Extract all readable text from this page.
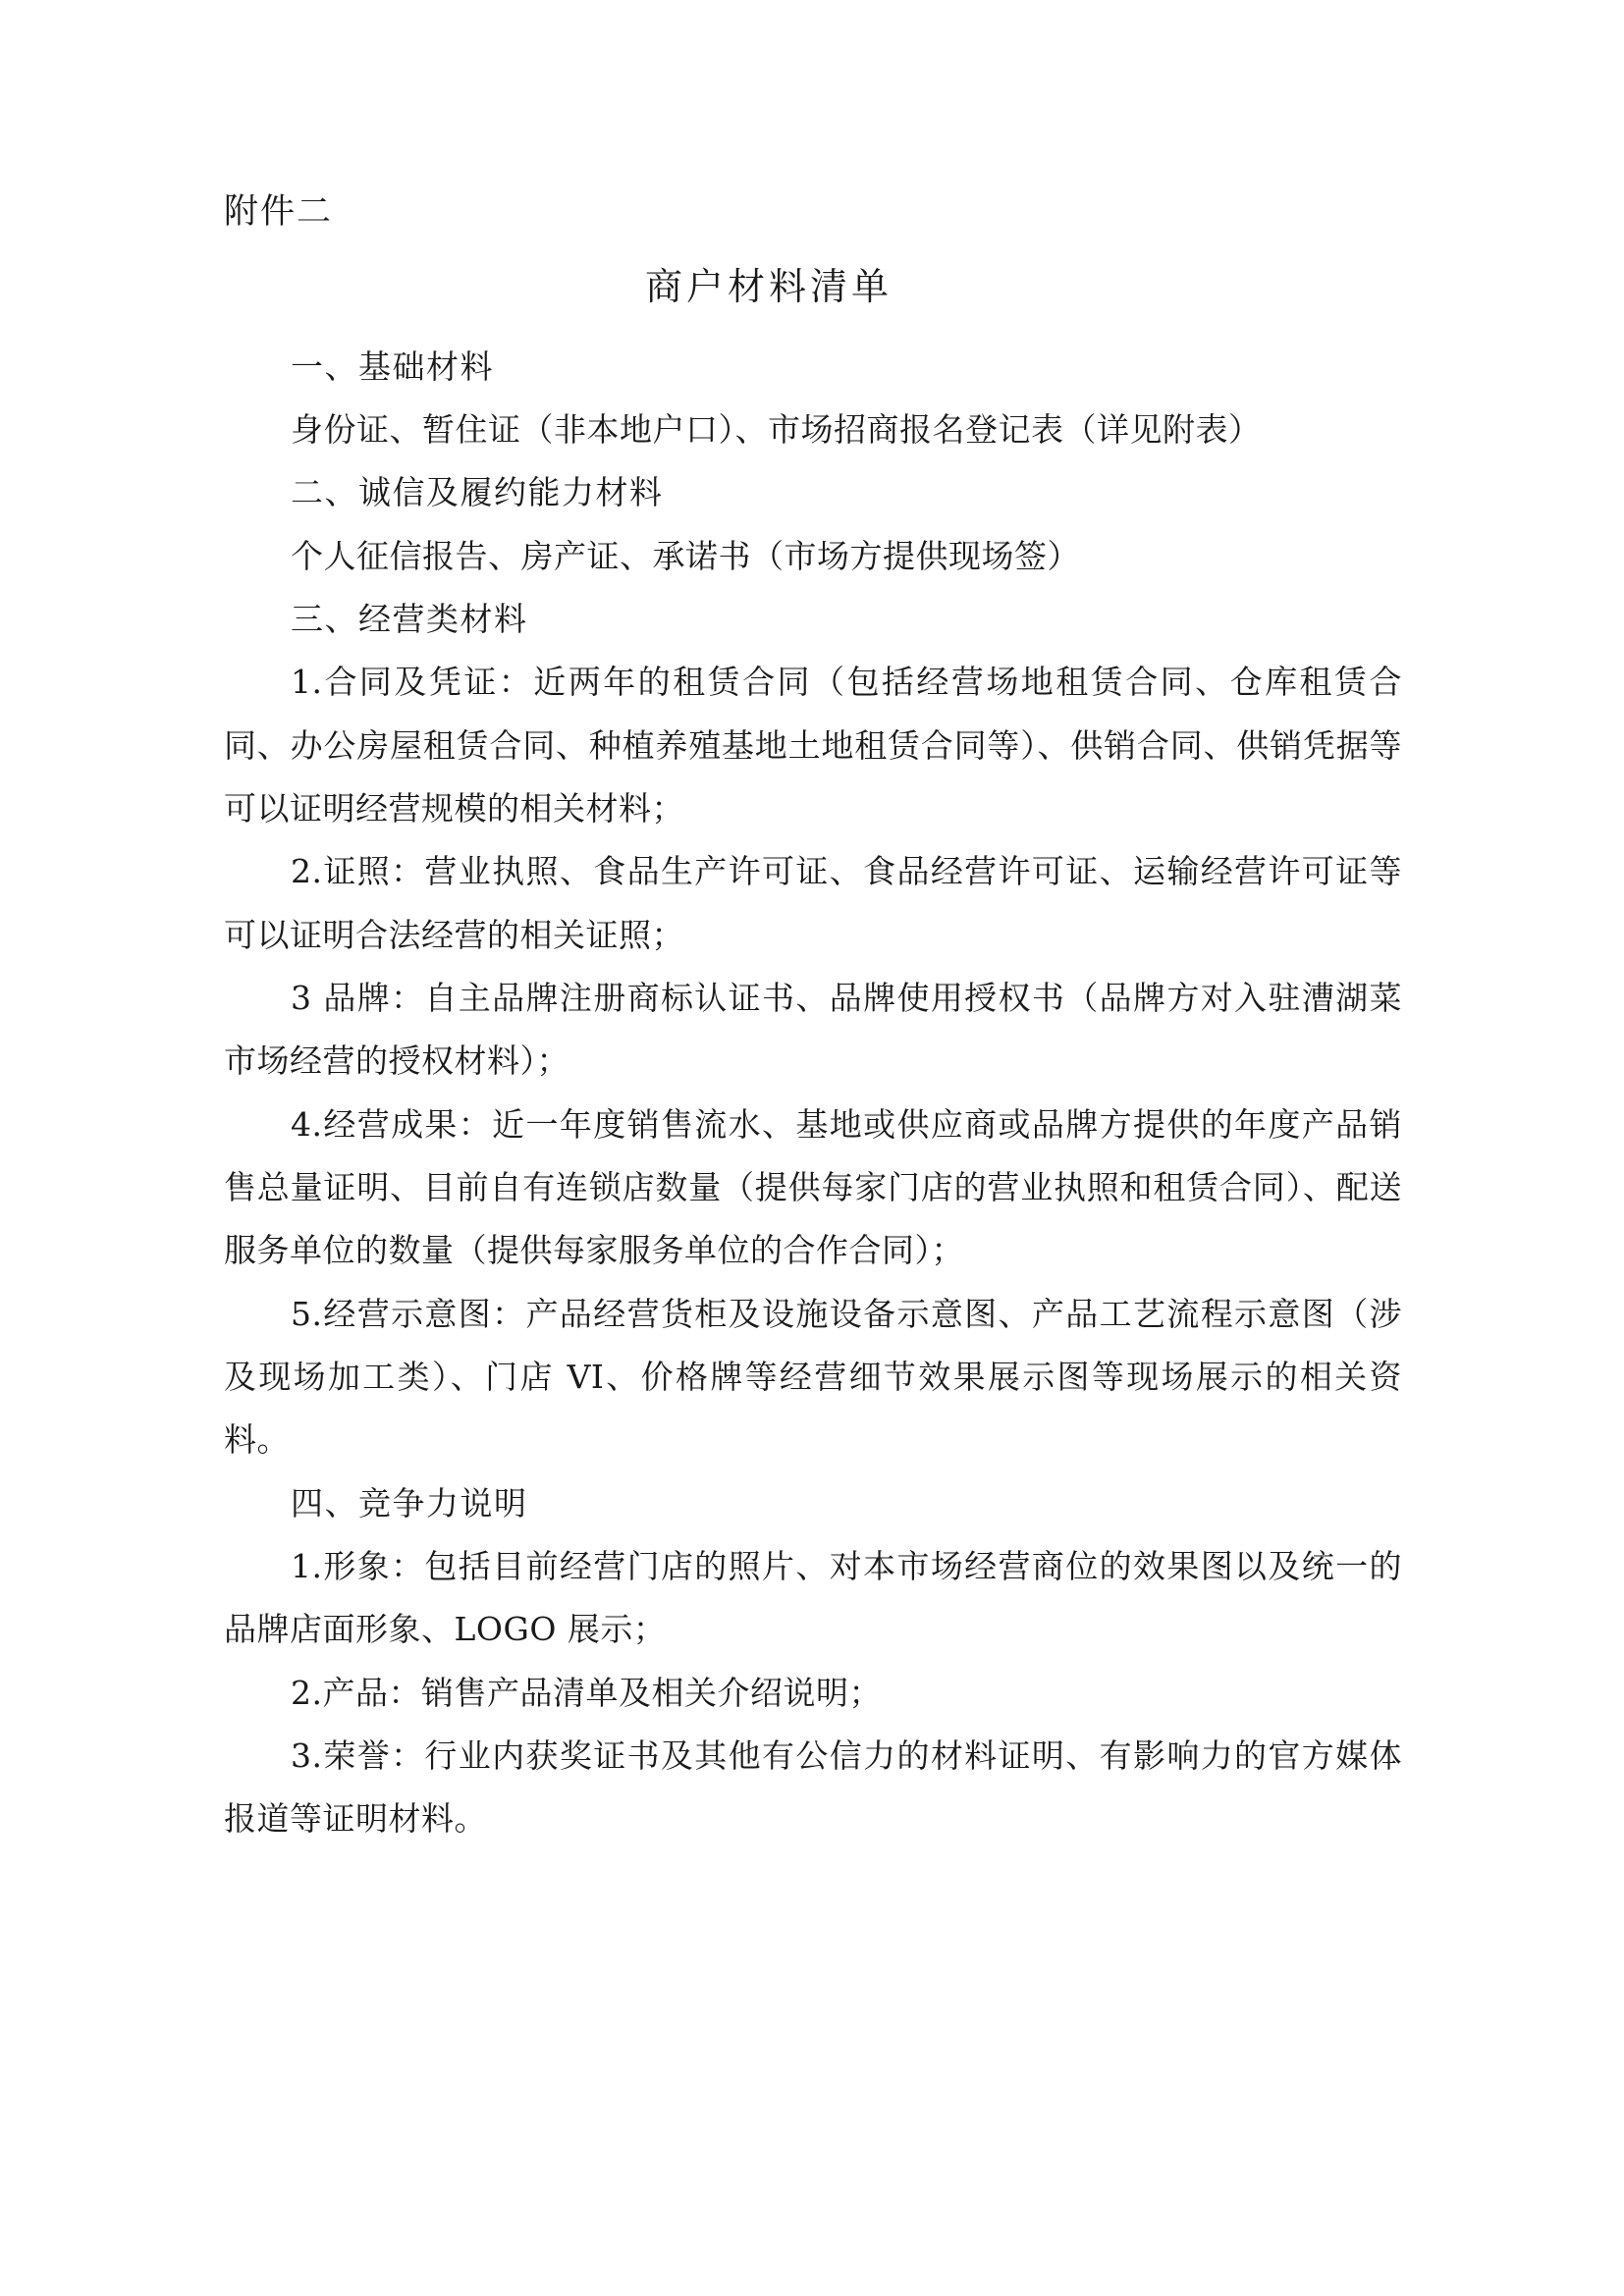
附件二
商户材料清单
一、基础材料
身份证、暂住证（非本地户口）、市场招商报名登记表（详见附表）
二、诚信及履约能力材料
个人征信报告、房产证、承诺书（市场方提供现场签）
三、经营类材料
1.合同及凭证：近两年的租赁合同（包括经营场地租赁合同、仓库租赁合同、办公房屋租赁合同、种植养殖基地土地租赁合同等）、供销合同、供销凭据等可以证明经营规模的相关材料；
2.证照：营业执照、食品生产许可证、食品经营许可证、运输经营许可证等可以证明合法经营的相关证照；
3 品牌：自主品牌注册商标认证书、品牌使用授权书（品牌方对入驻漕湖菜市场经营的授权材料）；
4.经营成果：近一年度销售流水、基地或供应商或品牌方提供的年度产品销售总量证明、目前自有连锁店数量（提供每家门店的营业执照和租赁合同）、配送服务单位的数量（提供每家服务单位的合作合同）；
5.经营示意图：产品经营货柜及设施设备示意图、产品工艺流程示意图（涉及现场加工类）、门店 VI、价格牌等经营细节效果展示图等现场展示的相关资料。
四、竞争力说明
1.形象：包括目前经营门店的照片、对本市场经营商位的效果图以及统一的品牌店面形象、LOGO 展示；
2.产品：销售产品清单及相关介绍说明；
3.荣誉：行业内获奖证书及其他有公信力的材料证明、有影响力的官方媒体报道等证明材料。
